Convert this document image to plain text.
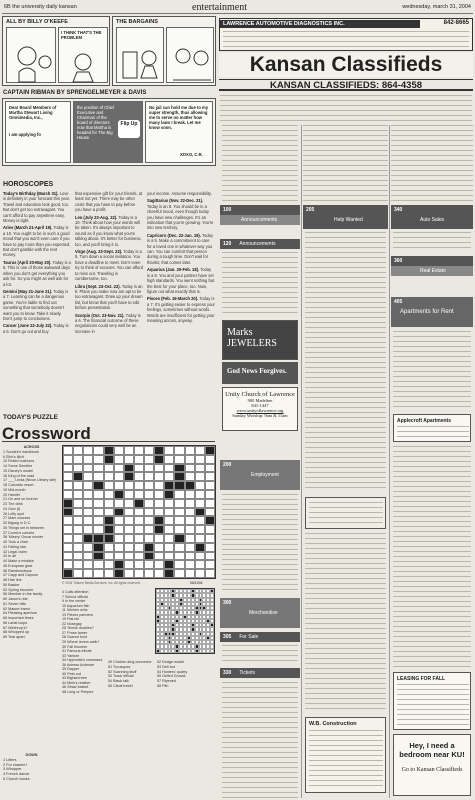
6B the university daily kansan	entertainment	wednesday, march 31, 2004
ALL BY BILLY O'KEEFE
I THINK THAT'S THE PROBLEM
THE BARGAINS
CAPTAIN RIBMAN BY SPRENGELMEYER & DAVIS
Dear Board Members of Martha Stewart Living Omnimedia, Inc.,
I am applying fo
the position of Chief Executive and Chairman of the board of directors now that Martha is headed for The Big House.
Flip Up
No jail can hold me due to my super strength, thus allowing me to serve no matter how many laws I break. Let me know soon.
XOXO, C.R.
HOROSCOPES

Today's Birthday (March 31). Love is definitely in your forecast this year. Travel and education look good, too. But don't get too extravagant. You can't afford to pay anywhere easy. Money is tight.

Aries (March 21-April 19). Today is a 10. You ought to be in such a good mood that you won't even care if you have to pay more than you expected. But don't gamble with the rent money.

Taurus (April 20-May 20). Today is a 5. This is one of those awkward days when you don't get everything you ask for. So you might as well ask for a lot.

Gemini (May 21-June 21). Today is a 7. Learning can be a dangerous game. You're liable to find out something that somebody doesn't want you to know. Take it slowly. Don't jump to conclusions.

Cancer (June 22-July 22). Today is a 6. Don't go out and buy

that expensive gift for your friends, at least not yet. There may be other costs that you have to pay before you have a profit.

Leo (July 23-Aug. 22). Today is a 10. Think about how your words will be taken. It's always important to sound as if you know what you're talking about. It's better for business, too, and you'll bring it in.

Virgo (Aug. 23-Sept. 22). Today is a 5. Turn down a social invitation. You have a deadline to meet. Don't even try to think of excuses. You can afford to miss out. Traveling is cumbersome, too.

Libra (Sept. 23-Oct. 22). Today is an 8. Plans you make now are apt to be too extravagant. Draw up your dream list, but know that you'll have to edit before presentation.

Scorpio (Oct. 23-Nov. 21). Today is a 6. The financial outcome of these negotiations could very well be an increase in

your income. Assume responsibility.

Sagittarius (Nov. 22-Dec. 21). Today is an 8. You should be in a cheerful mood, even though today you have new challenges. It's an indication that you're growing. You're into new territory.

Capricorn (Dec. 22-Jan. 19). Today is a 5. Make a commitment to care for a loved one in whatever way you can. You can comfort that person during a tough time. Don't wait for thanks; that comes later.

Aquarius (Jan. 20-Feb. 18). Today is a 6. You and your partner have set high standards. You went nothing but the best for your place, too. Now, figure out what exactly that is.

Pisces (Feb. 19-March 20). Today is a 7. It's getting easier to express your feelings, sometimes without words. Words are insufficient for getting your meaning across, anyway.

TODAY'S PUZZLE
Crossword
ACROSS
1 Sondek's handiwork
6 Eliot's illicit
10 Rolled cushions
14 Some Semites
15 Disney's model
16 King of the road
17 ___ Linda (Nixon Library site)
18 Colorado resort
19 Mid-month
20 Hamlet
21 On and on forever
23 The clink
24 Own (t)
26 Lofty spot
27 Mam courses
32 Bigwig in D.C.
35 Things set in between
37 Comic's cohorts
38 'Misery' Oscar winner
40 Took a chair
41 Falling star
42 Legal claim
43 In all
44 Make a mistake
45 European gear
46 Rambunctious
47 Capp and Capone
48 Hair line
50 Basker
53 Spring bloomer
56 Member in the family
60 Jason's ride
61 Seven hills
62 Mature insect
64 Pleasing aperture
65 Important times
66 Lariat loops
67 Winthrop's?
68 Whopped up
69 Tear apart
© 2004 Tribune Media Services, Inc. All rights reserved.	03/31/04
4 Calls attention
7 School official
9 In the center
10 Aquarium fish
11 Kitchen whiz
13 Pieces partners
19 Flat-ish
22 Nosegay
25 Tennis doubles?
27 Prose tamer
28 Scared food
29 Where levers walk?
30 Fall bloomer
31 Famous tribute
33 Yankee
34 Hypnotist's command
36 Actress Ardmore
39 Dapper
40 Peel-out
43 Bighted tree
44 Mink's relative
46 Straw basket
48 Long or Peepee
49 Chicken-king connector
51 Trousques
52 Scanning stuff
53 Track official
54 Black talk
55 Clinal trebel
52 Dodge model
53 Defi but
54 Hunters' quarry
55 Gelled Grossk
57 Ripened
58 Pith
DOWN
1 Litters
2 For shawer?
3 Whopper
4 French dance
5 Church books
LAWRENCE AUTOMOTIVE DIAGNOSTICS INC.	842-8665
Kansan Classifieds
KANSAN CLASSIFIEDS: 864-4358
100
Announcements
120 Announcements
Marks JEWELERS
God News Forgives.
Unity Church of Lawrence
900 Madeline
841-1447
www.unityoflawrence.org
Sunday Worship: 9am & 11am
200
Employment
300
Merchandise
305 For Sale
330 Tickets
205
Help Wanted
W.B. Construction
340
Auto Sales
360
Real Estate
405
Apartments for Rent
Applecroft Apartments
LEASING FOR FALL
Hey, I need a bedroom near KU!
Go to Kansan Classifieds
